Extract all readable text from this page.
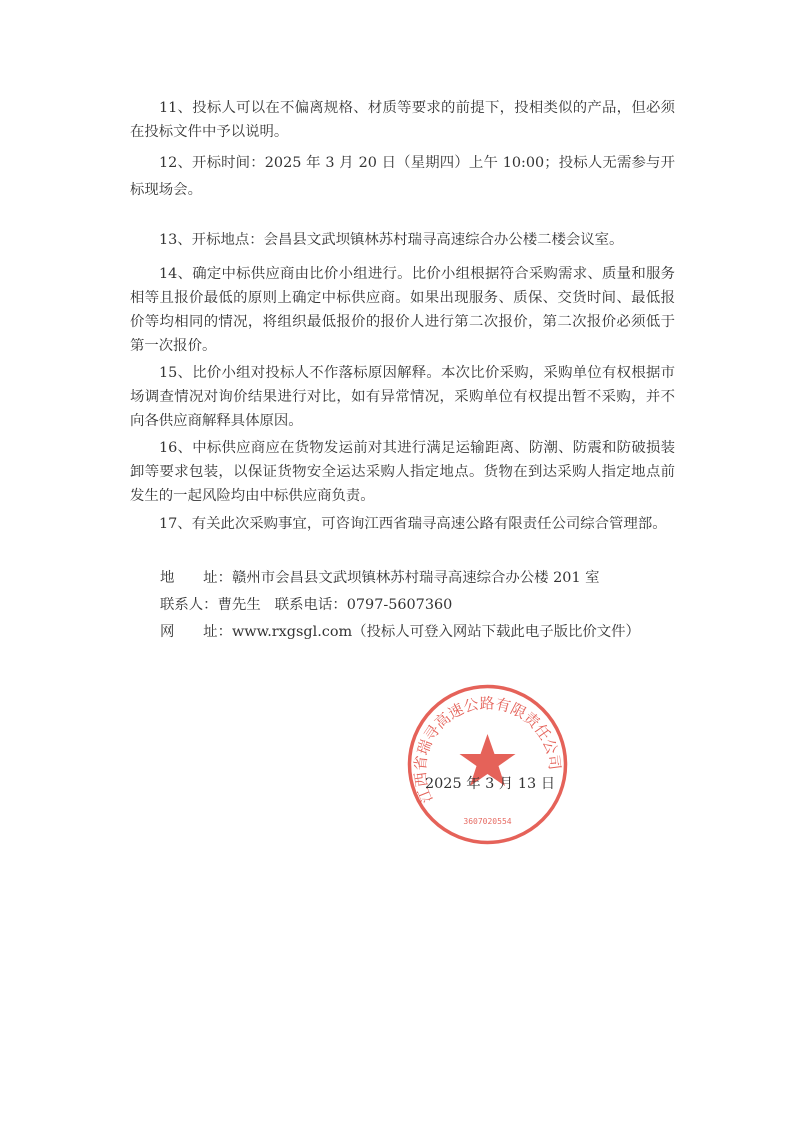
11、投标人可以在不偏离规格、材质等要求的前提下，投相类似的产品，但必须在投标文件中予以说明。
12、开标时间：2025 年 3 月 20 日（星期四）上午 10:00；投标人无需参与开标现场会。
13、开标地点：会昌县文武坝镇林苏村瑞寻高速综合办公楼二楼会议室。
14、确定中标供应商由比价小组进行。比价小组根据符合采购需求、质量和服务相等且报价最低的原则上确定中标供应商。如果出现服务、质保、交货时间、最低报价等均相同的情况，将组织最低报价的报价人进行第二次报价，第二次报价必须低于第一次报价。
15、比价小组对投标人不作落标原因解释。本次比价采购，采购单位有权根据市场调查情况对询价结果进行对比，如有异常情况，采购单位有权提出暂不采购，并不向各供应商解释具体原因。
16、中标供应商应在货物发运前对其进行满足运输距离、防潮、防震和防破损装卸等要求包装，以保证货物安全运达采购人指定地点。货物在到达采购人指定地点前发生的一起风险均由中标供应商负责。
17、有关此次采购事宜，可咨询江西省瑞寻高速公路有限责任公司综合管理部。
地　　址：赣州市会昌县文武坝镇林苏村瑞寻高速综合办公楼 201 室
联系人：曹先生 联系电话：0797-5607360
网　　址：www.rxgsgl.com（投标人可登入网站下载此电子版比价文件）
江西省瑞寻高速公路有限责任公司
3607020554
2025 年 3 月 13 日
